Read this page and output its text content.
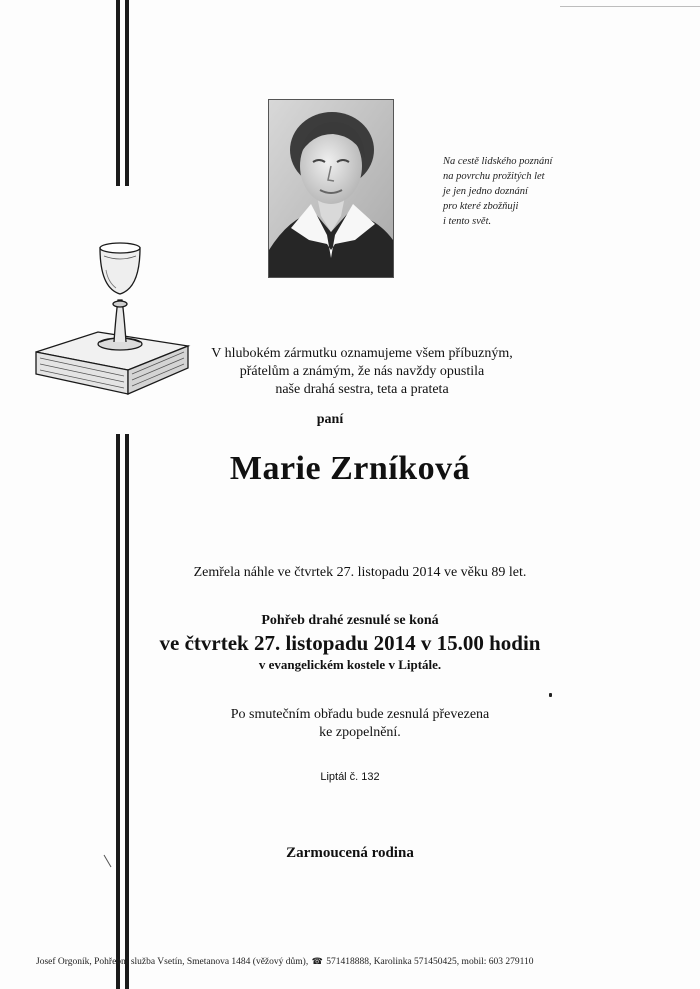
Na cestě lidského poznání
na povrchu prožitých let
je jen jedno doznání
pro které zbožňuji
i tento svět.
V hlubokém zármutku oznamujeme všem příbuzným,
přátelům a známým, že nás navždy opustila
naše drahá sestra, teta a prateta
paní
Marie Zrníková
Zemřela náhle ve čtvrtek 27. listopadu 2014 ve věku 89 let.
Pohřeb drahé zesnulé se koná
ve čtvrtek 27. listopadu 2014 v 15.00 hodin
v evangelickém kostele v Liptále.
Po smutečním obřadu bude zesnulá převezena
ke zpopelnění.
Liptál č. 132
Zarmoucená rodina
Josef Orgoník, Pohřební služba Vsetín, Smetanova 1484 (věžový dům), ☎ 571418888, Karolinka 571450425, mobil: 603 279110
